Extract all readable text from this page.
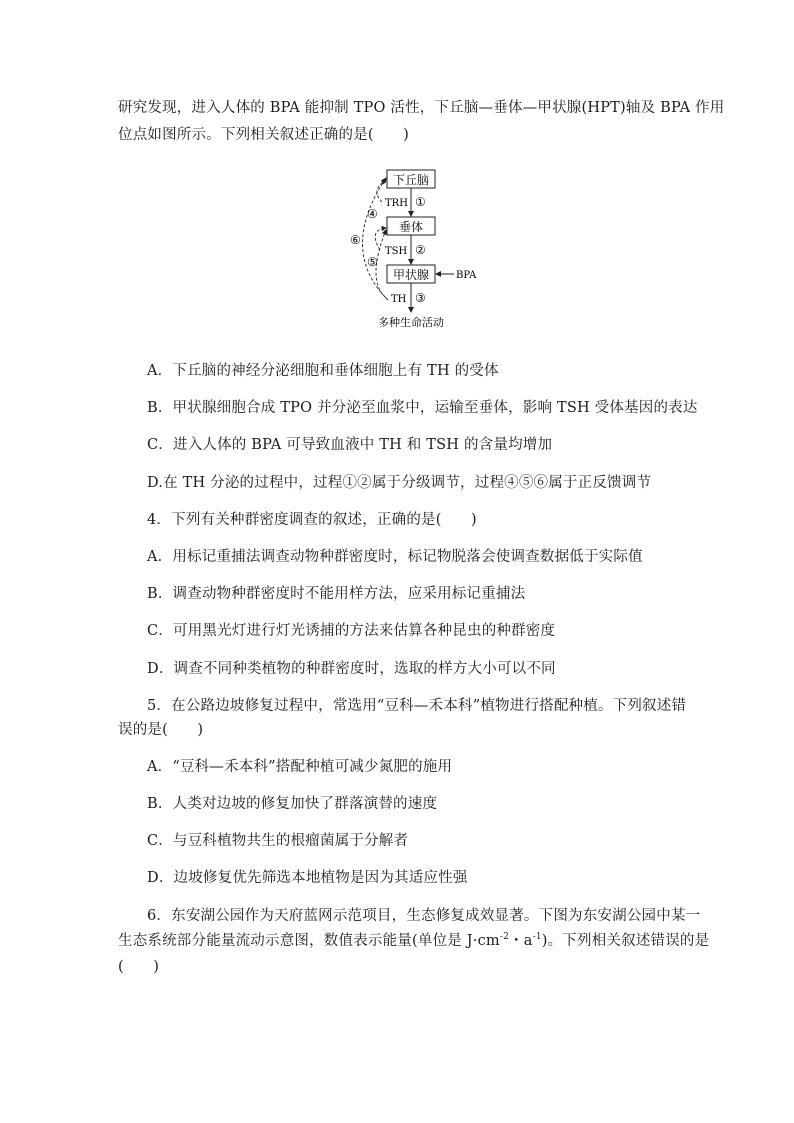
研究发现，进入人体的 BPA 能抑制 TPO 活性，下丘脑—垂体—甲状腺(HPT)轴及 BPA 作用
位点如图所示。下列相关叙述正确的是(　　)
下丘脑
垂体
甲状腺	BPA
TRH ①
TSH ②
TH ③
④
⑥
⑤
多种生命活动
A．下丘脑的神经分泌细胞和垂体细胞上有 TH 的受体
B．甲状腺细胞合成 TPO 并分泌至血浆中，运输至垂体，影响 TSH 受体基因的表达
C．进入人体的 BPA 可导致血液中 TH 和 TSH 的含量均增加
D.在 TH 分泌的过程中，过程①②属于分级调节，过程④⑤⑥属于正反馈调节
4．下列有关种群密度调查的叙述，正确的是(　　)
A．用标记重捕法调查动物种群密度时，标记物脱落会使调查数据低于实际值
B．调查动物种群密度时不能用样方法，应采用标记重捕法
C．可用黑光灯进行灯光诱捕的方法来估算各种昆虫的种群密度
D．调查不同种类植物的种群密度时，选取的样方大小可以不同
5．在公路边坡修复过程中，常选用“豆科—禾本科”植物进行搭配种植。下列叙述错
误的是(　　)
A．“豆科—禾本科”搭配种植可减少氮肥的施用
B．人类对边坡的修复加快了群落演替的速度
C．与豆科植物共生的根瘤菌属于分解者
D．边坡修复优先筛选本地植物是因为其适应性强
6．东安湖公园作为天府蓝网示范项目，生态修复成效显著。下图为东安湖公园中某一
生态系统部分能量流动示意图，数值表示能量(单位是 $J\cdot cm^{-2}$・$a^{-1}$)。下列相关叙述错误的是
(　　)
